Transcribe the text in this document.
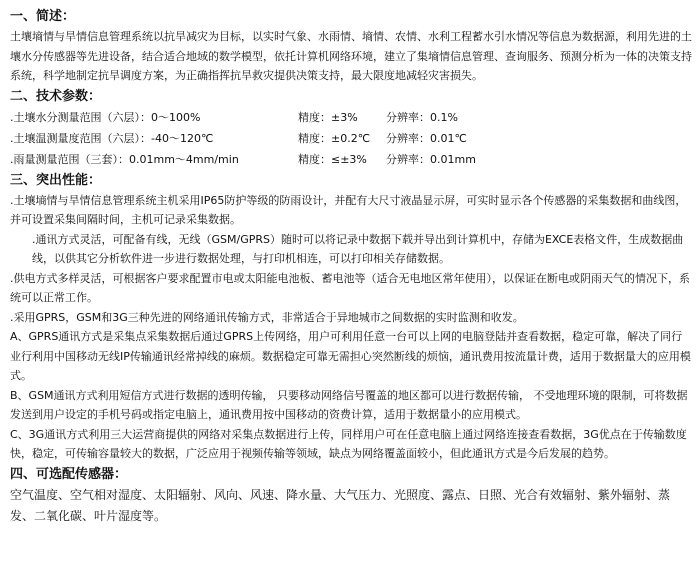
一、简述：

土壤墒情与旱情信息管理系统以抗旱减灾为目标，以实时气象、水雨情、墒情、农情、水利工程蓄水引水情况等信息为数据源，利用先进的土壤水分传感器等先进设备，结合适合地域的数学模型，依托计算机网络环境，建立了集墒情信息管理、查询服务、预测分析为一体的决策支持系统，科学地制定抗旱调度方案，为正确指挥抗旱救灾提供决策支持，最大限度地减轻灾害损失。

二、技术参数：
.土壤水分测量范围（六层）：0～100%	精度：±3%	分辨率：0.1%
.土壤温测量度范围（六层）：-40～120℃	精度：±0.2℃	分辨率：0.01℃
.雨量测量范围（三套）：0.01mm～4mm/min	精度：≤±3%	分辨率：0.01mm
三、突出性能：

.土壤墒情与旱情信息管理系统主机采用IP65防护等级的防雨设计，并配有大尺寸液晶显示屏，可实时显示各个传感器的采集数据和曲线图，并可设置采集间隔时间，主机可记录采集数据。

.通讯方式灵活，可配备有线，无线（GSM/GPRS）随时可以将记录中数据下载并导出到计算机中，存储为EXCE表格文件，生成数据曲线，以供其它分析软件进一步进行数据处理，与打印机相连，可以打印相关存储数据。

.供电方式多样灵活，可根据客户要求配置市电或太阳能电池板、蓄电池等（适合无电地区常年使用），以保证在断电或阴雨天气的情况下，系统可以正常工作。

.采用GPRS，GSM和3G三种先进的网络通讯传输方式，非常适合于异地城市之间数据的实时监测和收发。

A、GPRS通讯方式是采集点采集数据后通过GPRS上传网络，用户可利用任意一台可以上网的电脑登陆并查看数据，稳定可靠，解决了同行业行利用中国移动无线IP传输通讯经常掉线的麻烦。数据稳定可靠无需担心突然断线的烦恼，通讯费用按流量计费，适用于数据量大的应用模式。

B、GSM通讯方式利用短信方式进行数据的透明传输， 只要移动网络信号覆盖的地区都可以进行数据传输， 不受地理环境的限制，可将数据发送到用户设定的手机号码或指定电脑上，通讯费用按中国移动的资费计算，适用于数据量小的应用模式。

C、3G通讯方式利用三大运营商提供的网络对采集点数据进行上传，同样用户可在任意电脑上通过网络连接查看数据，3G优点在于传输数度快，稳定，可传输容量较大的数据，广泛应用于视频传输等领域，缺点为网络覆盖面较小，但此通讯方式是今后发展的趋势。

四、可选配传感器：

空气温度、空气相对湿度、太阳辐射、风向、风速、降水量、大气压力、光照度、露点、日照、光合有效辐射、紫外辐射、蒸发、二氧化碳、叶片湿度等。
